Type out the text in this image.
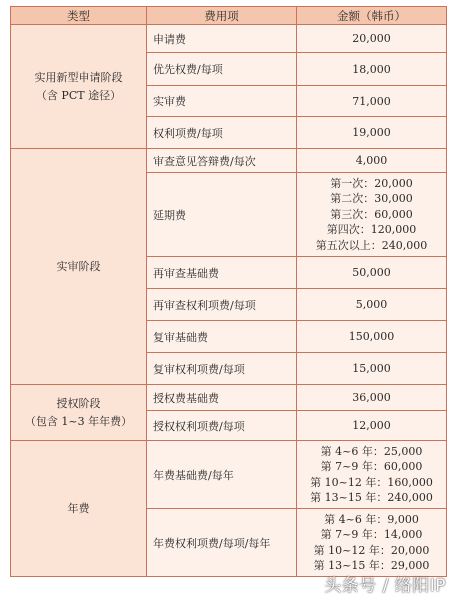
类型	费用项	金额（韩币）

实用新型申请阶段
（含 PCT 途径）	申请费	20,000
	优先权费/每项	18,000
	实审费	71,000
	权利项费/每项	19,000
实审阶段	审查意见答辩费/每次	4,000
	延期费	第一次：20,000
第二次：30,000
第三次：60,000
第四次：120,000
第五次以上：240,000

	再审查基础费	50,000
	再审查权利项费/每项	5,000
	复审基础费	150,000
	复审权利项费/每项	15,000

授权阶段
（包含 1~3 年年费）	授权费基础费	36,000
	授权权利项费/每项	12,000
年费	年费基础费/每年	第 4~6 年：25,000
第 7~9 年：60,000
第 10~12 年：160,000
第 13~15 年：240,000

	年费权利项费/每项/每年	第 4~6 年：9,000
第 7~9 年：14,000
第 10~12 年：20,000
第 13~15 年：29,000
头条号 / 络阳IP
